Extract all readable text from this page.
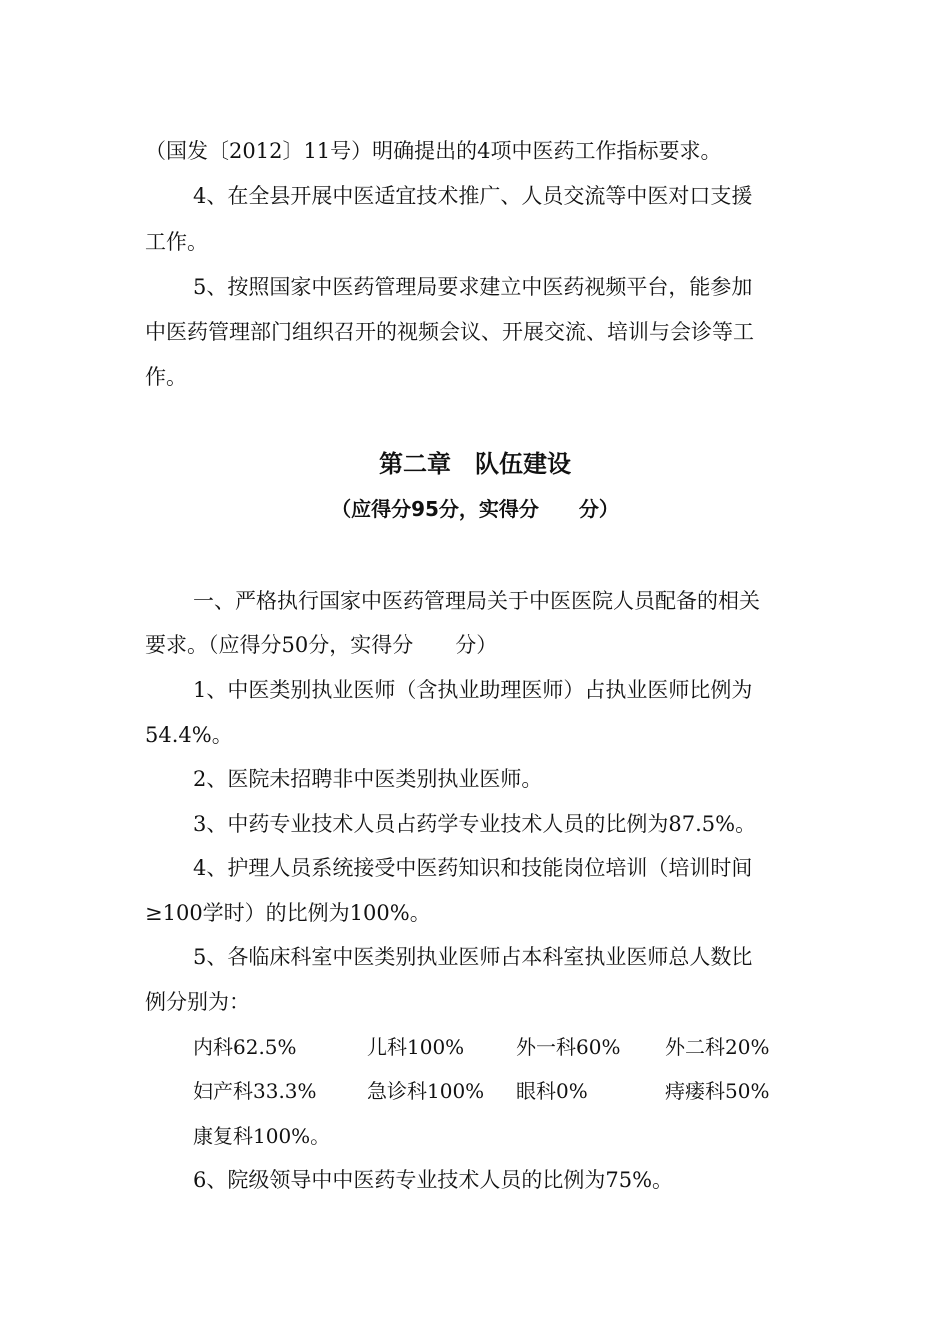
（国发〔2012〕11号）明确提出的4项中医药工作指标要求。
4、在全县开展中医适宜技术推广、人员交流等中医对口支援
工作。
5、按照国家中医药管理局要求建立中医药视频平台，能参加
中医药管理部门组织召开的视频会议、开展交流、培训与会诊等工
作。
第二章　队伍建设
（应得分95分，实得分　　分）
一、严格执行国家中医药管理局关于中医医院人员配备的相关
要求。（应得分50分，实得分　　分）
1、中医类别执业医师（含执业助理医师）占执业医师比例为
54.4%。
2、医院未招聘非中医类别执业医师。
3、中药专业技术人员占药学专业技术人员的比例为87.5%。
4、护理人员系统接受中医药知识和技能岗位培训（培训时间
≥100学时）的比例为100%。
5、各临床科室中医类别执业医师占本科室执业医师总人数比
例分别为：
内科62.5%	儿科100%	外一科60% 外二科20%
妇产科33.3%	急诊科100% 眼科0%	痔瘘科50%
康复科100%。
6、院级领导中中医药专业技术人员的比例为75%。
